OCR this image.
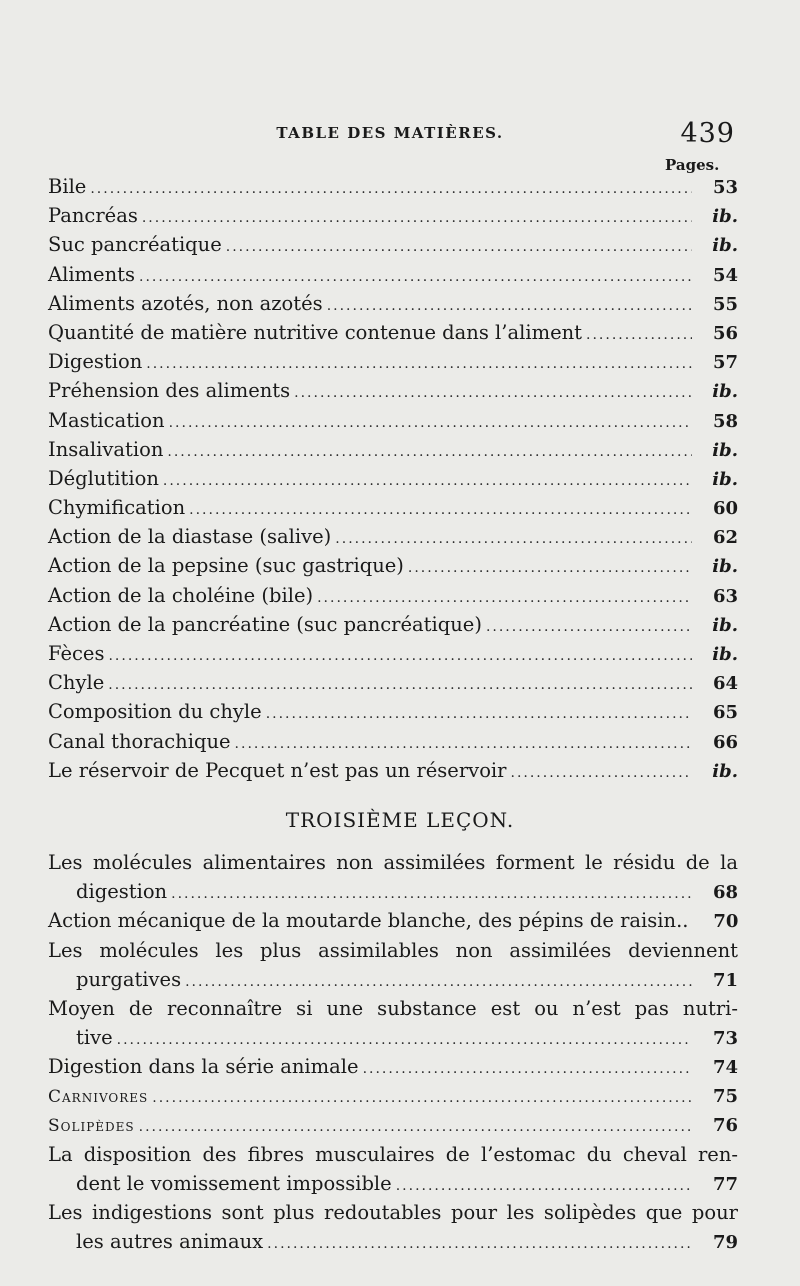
TABLE DES MATIÈRES.	439
Pages.
Bile .....	53
Pancréas .....	ib.
Suc pancréatique .....	ib.
Aliments .....	54
Aliments azotés, non azotés .....	55
Quantité de matière nutritive contenue dans l’aliment .....	56
Digestion .....	57
Préhension des aliments .....	ib.
Mastication .....	58
Insalivation .....	ib.
Déglutition .....	ib.
Chymification .....	60
Action de la diastase (salive) .....	62
Action de la pepsine (suc gastrique) .....	ib.
Action de la choléine (bile) .....	63
Action de la pancréatine (suc pancréatique) .....	ib.
Fèces .....	ib.
Chyle .....	64
Composition du chyle .....	65
Canal thorachique .....	66
Le réservoir de Pecquet n’est pas un réservoir .....	ib.
TROISIÈME LEÇON.
Les molécules alimentaires non assimilées forment le résidu de la
digestion .....	68
Action mécanique de la moutarde blanche, des pépins de raisin..	70
Les molécules les plus assimilables non assimilées deviennent
purgatives .....	71
Moyen de reconnaître si une substance est ou n’est pas nutri-
tive .....	73
Digestion dans la série animale .....	74
Carnivores .....	75
Solipèdes .....	76
La disposition des fibres musculaires de l’estomac du cheval ren-
dent le vomissement impossible .....	77
Les indigestions sont plus redoutables pour les solipèdes que pour
les autres animaux .....	79
